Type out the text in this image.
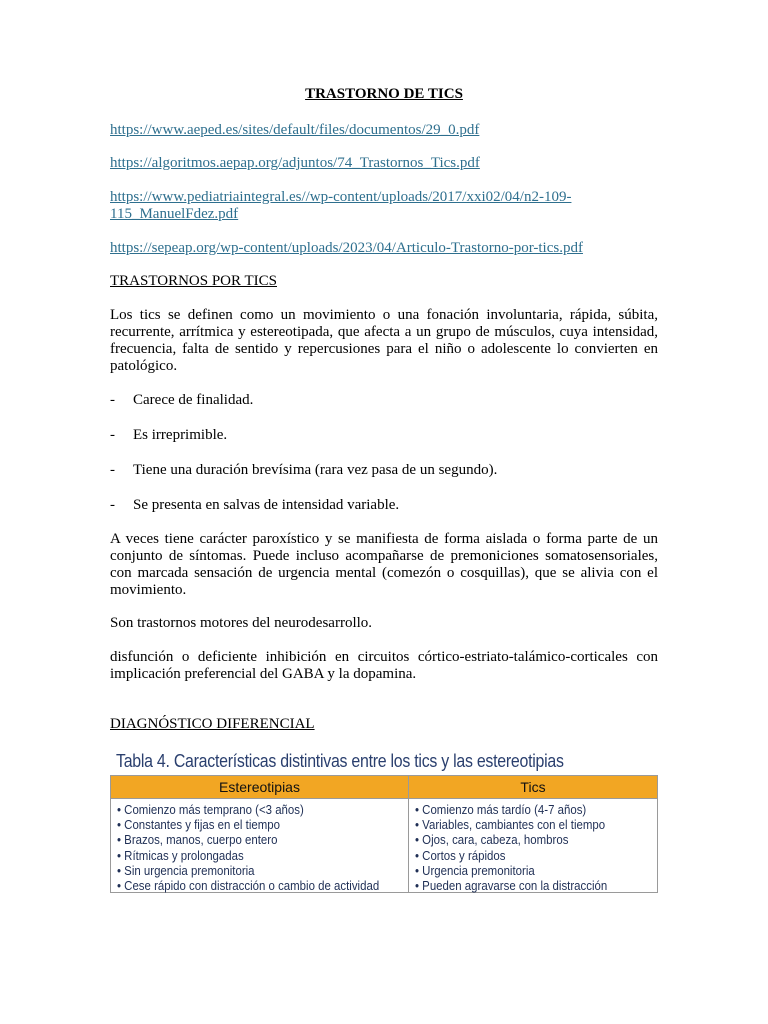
TRASTORNO DE TICS
https://www.aeped.es/sites/default/files/documentos/29_0.pdf
https://algoritmos.aepap.org/adjuntos/74_Trastornos_Tics.pdf
https://www.pediatriaintegral.es//wp-content/uploads/2017/xxi02/04/n2-109-
115_ManuelFdez.pdf
https://sepeap.org/wp-content/uploads/2023/04/Articulo-Trastorno-por-tics.pdf
TRASTORNOS POR TICS
Los tics se definen como un movimiento o una fonación involuntaria, rápida, súbita, recurrente, arrítmica y estereotipada, que afecta a un grupo de músculos, cuya intensidad, frecuencia, falta de sentido y repercusiones para el niño o adolescente lo convierten en patológico.
- Carece de finalidad.
- Es irreprimible.
- Tiene una duración brevísima (rara vez pasa de un segundo).
- Se presenta en salvas de intensidad variable.
A veces tiene carácter paroxístico y se manifiesta de forma aislada o forma parte de un conjunto de síntomas. Puede incluso acompañarse de premoniciones somatosensoriales, con marcada sensación de urgencia mental (comezón o cosquillas), que se alivia con el movimiento.
Son trastornos motores del neurodesarrollo.
disfunción o deficiente inhibición en circuitos córtico-estriato-talámico-corticales con implicación preferencial del GABA y la dopamina.
DIAGNÓSTICO DIFERENCIAL
Tabla 4. Características distintivas entre los tics y las estereotipias
Estereotipias	Tics
• Comienzo más temprano (<3 años)
• Constantes y fijas en el tiempo
• Brazos, manos, cuerpo entero
• Rítmicas y prolongadas
• Sin urgencia premonitoria
• Cese rápido con distracción o cambio de actividad
• Comienzo más tardío (4-7 años)
• Variables, cambiantes con el tiempo
• Ojos, cara, cabeza, hombros
• Cortos y rápidos
• Urgencia premonitoria
• Pueden agravarse con la distracción
